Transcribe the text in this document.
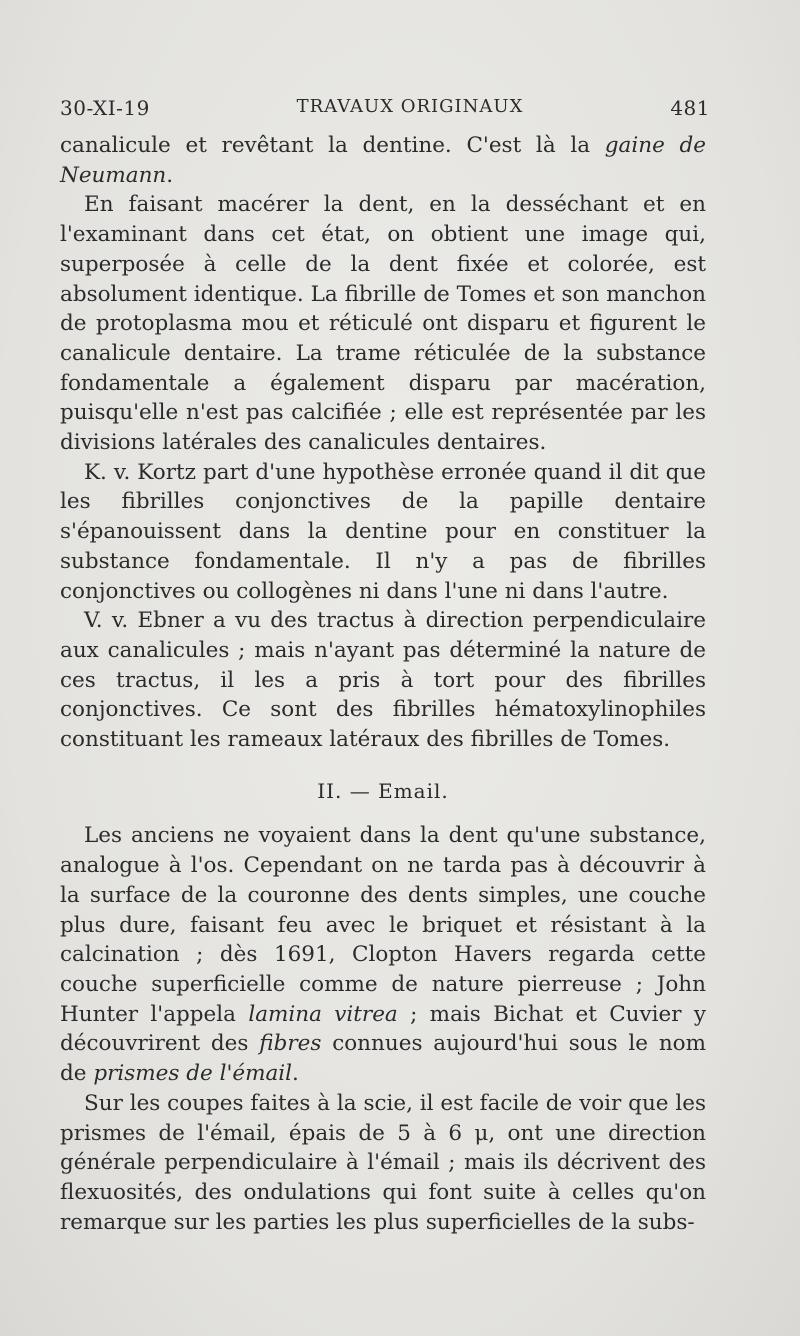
30-XI-19	TRAVAUX ORIGINAUX	481

canalicule et revêtant la dentine. C'est là la gaine de Neumann.

En faisant macérer la dent, en la desséchant et en l'examinant dans cet état, on obtient une image qui, superposée à celle de la dent fixée et colorée, est absolument identique. La fibrille de Tomes et son manchon de protoplasma mou et réticulé ont disparu et figurent le canalicule dentaire. La trame réticulée de la substance fondamentale a également disparu par macération, puisqu'elle n'est pas calcifiée ; elle est représentée par les divisions latérales des canalicules dentaires.

K. v. Kortz part d'une hypothèse erronée quand il dit que les fibrilles conjonctives de la papille dentaire s'épanouissent dans la dentine pour en constituer la substance fondamentale. Il n'y a pas de fibrilles conjonctives ou collogènes ni dans l'une ni dans l'autre.

V. v. Ebner a vu des tractus à direction perpendiculaire aux canalicules ; mais n'ayant pas déterminé la nature de ces tractus, il les a pris à tort pour des fibrilles conjonctives. Ce sont des fibrilles hématoxylinophiles constituant les rameaux latéraux des fibrilles de Tomes.

II. — Email.

Les anciens ne voyaient dans la dent qu'une substance, analogue à l'os. Cependant on ne tarda pas à découvrir à la surface de la couronne des dents simples, une couche plus dure, faisant feu avec le briquet et résistant à la calcination ; dès 1691, Clopton Havers regarda cette couche superficielle comme de nature pierreuse ; John Hunter l'appela lamina vitrea ; mais Bichat et Cuvier y découvrirent des fibres connues aujourd'hui sous le nom de prismes de l'émail.

Sur les coupes faites à la scie, il est facile de voir que les prismes de l'émail, épais de 5 à 6 μ, ont une direction générale perpendiculaire à l'émail ; mais ils décrivent des flexuosités, des ondulations qui font suite à celles qu'on remarque sur les parties les plus superficielles de la subs-
